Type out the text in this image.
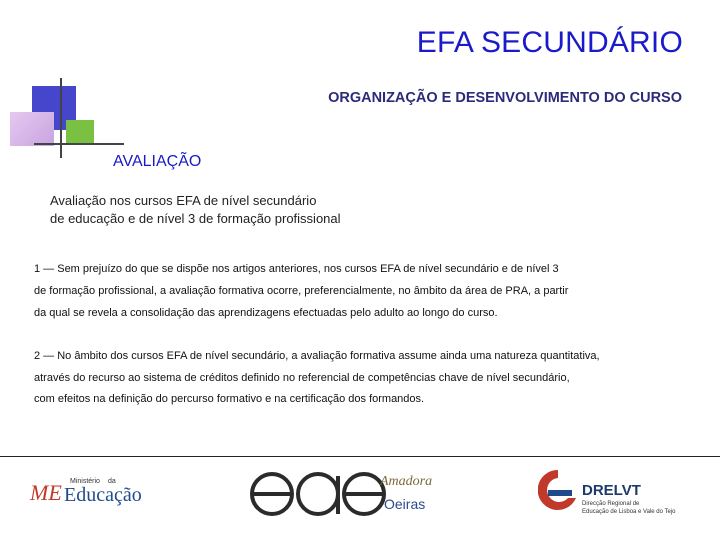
EFA SECUNDÁRIO
ORGANIZAÇÃO E DESENVOLVIMENTO DO CURSO
AVALIAÇÃO
Avaliação nos cursos EFA de nível secundário
de educação e de nível 3 de formação profissional
1 — Sem prejuízo do que se dispõe nos artigos anteriores, nos cursos EFA de nível secundário e de nível 3
de formação profissional, a avaliação formativa ocorre, preferencialmente, no âmbito da área de PRA, a partir
da qual se revela a consolidação das aprendizagens efectuadas pelo adulto ao longo do curso.
2 — No âmbito dos cursos EFA de nível secundário, a avaliação formativa assume ainda uma natureza quantitativa,
através do recurso ao sistema de créditos definido no referencial de competências chave de nível secundário,
com efeitos na definição do percurso formativo e na certificação dos formandos.
ME Ministério da
Educação
Amadora
Oeiras
DRELVT
Direcção Regional de
Educação de Lisboa e Vale do Tejo
